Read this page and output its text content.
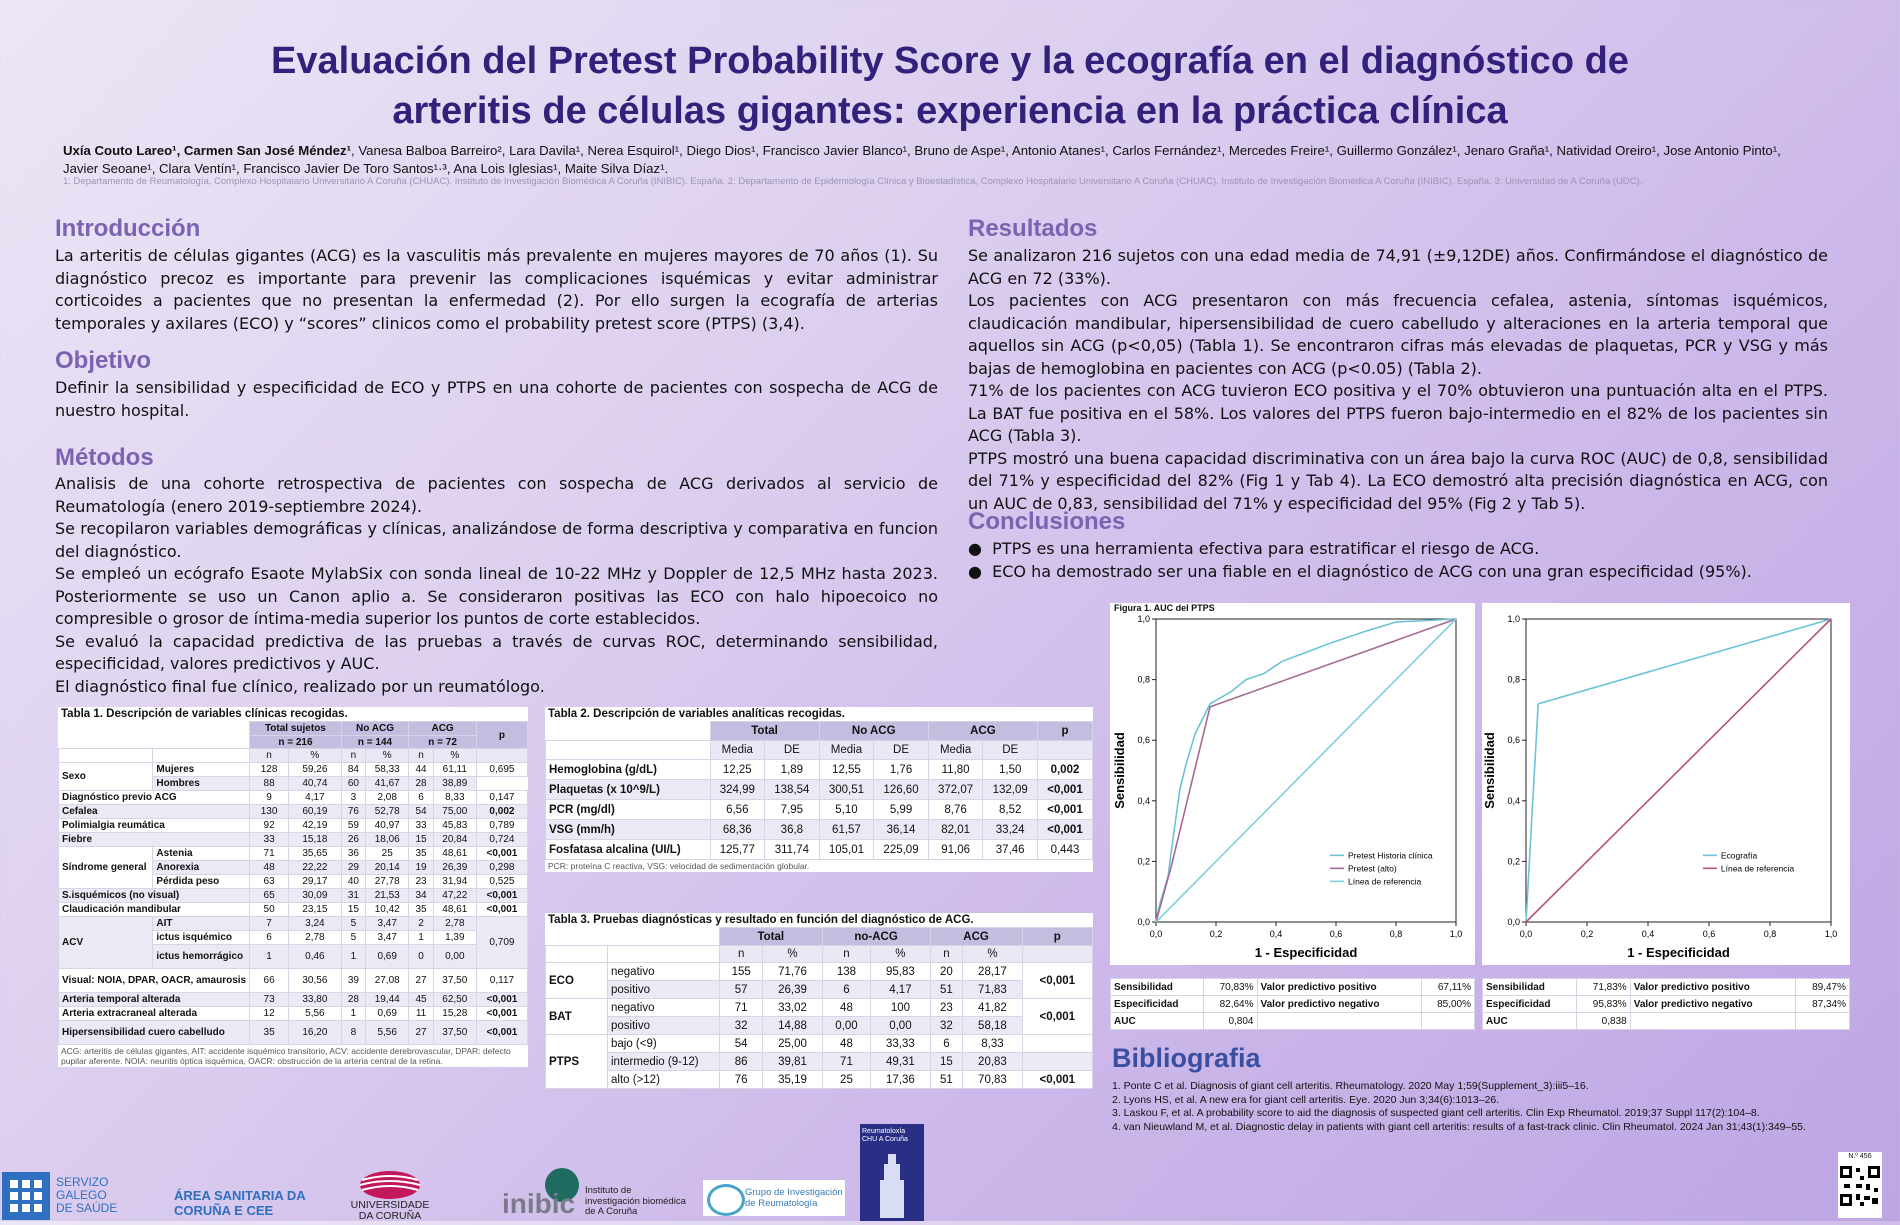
Evaluación del Pretest Probability Score y la ecografía en el diagnóstico de
arteritis de células gigantes: experiencia en la práctica clínica
Uxía Couto Lareo¹, Carmen San José Méndez¹, Vanesa Balboa Barreiro², Lara Davila¹, Nerea Esquirol¹, Diego Dios¹, Francisco Javier Blanco¹, Bruno de Aspe¹, Antonio Atanes¹, Carlos Fernández¹, Mercedes Freire¹, Guillermo González¹, Jenaro Graña¹, Natividad Oreiro¹, Jose Antonio Pinto¹, Javier Seoane¹, Clara Ventín¹, Francisco Javier De Toro Santos¹·³, Ana Lois Iglesias¹, Maite Silva Díaz¹.
1: Departamento de Reumatología, Complexo Hospitalario Universitario A Coruña (CHUAC). Instituto de Investigación Biomédica A Coruña (INIBIC). España. 2: Departamento de Epidemiología Clínica y Bioestadística, Complexo Hospitalario Universitario A Coruña (CHUAC). Instituto de Investigación Biomédica A Coruña (INIBIC). España. 3: Universidad de A Coruña (UDC).
Introducción
La arteritis de células gigantes (ACG) es la vasculitis más prevalente en mujeres mayores de 70 años (1). Su diagnóstico precoz es importante para prevenir las complicaciones isquémicas y evitar administrar corticoides a pacientes que no presentan la enfermedad (2). Por ello surgen la ecografía de arterias temporales y axilares (ECO) y “scores” clinicos como el probability pretest score (PTPS) (3,4).
Objetivo
Definir la sensibilidad y especificidad de ECO y PTPS en una cohorte de pacientes con sospecha de ACG de nuestro hospital.
Métodos

Analisis de una cohorte retrospectiva de pacientes con sospecha de ACG derivados al servicio de Reumatología (enero 2019-septiembre 2024).

Se recopilaron variables demográficas y clínicas, analizándose de forma descriptiva y comparativa en funcion del diagnóstico.

Se empleó un ecógrafo Esaote MylabSix con sonda lineal de 10-22 MHz y Doppler de 12,5 MHz hasta 2023. Posteriormente se uso un Canon aplio a. Se consideraron positivas las ECO con halo hipoecoico no compresible o grosor de íntima-media superior los puntos de corte establecidos.

Se evaluó la capacidad predictiva de las pruebas a través de curvas ROC, determinando sensibilidad, especificidad, valores predictivos y AUC.

El diagnóstico final fue clínico, realizado por un reumatólogo.

Resultados

Se analizaron 216 sujetos con una edad media de 74,91 (±9,12DE) años. Confirmándose el diagnóstico de ACG en 72 (33%).

Los pacientes con ACG presentaron con más frecuencia cefalea, astenia, síntomas isquémicos, claudicación mandibular, hipersensibilidad de cuero cabelludo y alteraciones en la arteria temporal que aquellos sin ACG (p<0,05) (Tabla 1). Se encontraron cifras más elevadas de plaquetas, PCR y VSG y más bajas de hemoglobina en pacientes con ACG (p<0.05) (Tabla 2).

71% de los pacientes con ACG tuvieron ECO positiva y el 70% obtuvieron una puntuación alta en el PTPS. La BAT fue positiva en el 58%. Los valores del PTPS fueron bajo-intermedio en el 82% de los pacientes sin ACG (Tabla 3).

PTPS mostró una buena capacidad discriminativa con un área bajo la curva ROC (AUC) de 0,8, sensibilidad del 71% y especificidad del 82% (Fig 1 y Tab 4). La ECO demostró alta precisión diagnóstica en ACG, con un AUC de 0,83, sensibilidad del 71% y especificidad del 95% (Fig 2 y Tab 5).

Conclusiones

●  PTPS es una herramienta efectiva para estratificar el riesgo de ACG.

●  ECO ha demostrado ser una fiable en el diagnóstico de ACG con una gran especificidad (95%).

Tabla 1. Descripción de variables clínicas recogidas.
		Total sujetos		No ACG		ACG		p
		n = 216		n = 144		n = 72		
		n	%	n	%	n	%	
Sexo	Mujeres	128	59,26	84	58,33	44	61,11	0,695
	Hombres	88	40,74	60	41,67	28	38,89	
Diagnóstico previo ACG		9	4,17	3	2,08	6	8,33	0,147
Cefalea		130	60,19	76	52,78	54	75,00	0,002
Polimialgia reumática		92	42,19	59	40,97	33	45,83	0,789
Fiebre		33	15,18	26	18,06	15	20,84	0,724
Síndrome general	Astenia	71	35,65	36	25	35	48,61	<0,001
	Anorexia	48	22,22	29	20,14	19	26,39	0,298
	Pérdida peso	63	29,17	40	27,78	23	31,94	0,525
S.isquémicos (no visual)		65	30,09	31	21,53	34	47,22	<0,001
Claudicación mandibular		50	23,15	15	10,42	35	48,61	<0,001
ACV	AIT	7	3,24	5	3,47	2	2,78	0,709
	ictus isquémico	6	2,78	5	3,47	1	1,39	
	ictus hemorrágico	1	0,46	1	0,69	0	0,00	
Visual: NOIA, DPAR, OACR, amaurosis		66	30,56	39	27,08	27	37,50	0,117
Arteria temporal alterada		73	33,80	28	19,44	45	62,50	<0,001
Arteria extracraneal alterada		12	5,56	1	0,69	11	15,28	<0,001
Hipersensibilidad cuero cabelludo		35	16,20	8	5,56	27	37,50	<0,001
ACG: arteritis de células gigantes, AIT: accidente isquémico transitorio, ACV: accidente derebrovascular, DPAR: defecto pupilar aferente. NOIA: neuritis óptica isquémica, OACR: obstrucción de la arteria central de la retina.
Tabla 2. Descripción de variables analíticas recogidas.
	Total		No ACG		ACG		p
	Media	DE	Media	DE	Media	DE	
Hemoglobina (g/dL)	12,25	1,89	12,55	1,76	11,80	1,50	0,002
Plaquetas (x 10^9/L)	324,99	138,54	300,51	126,60	372,07	132,09	<0,001
PCR (mg/dl)	6,56	7,95	5,10	5,99	8,76	8,52	<0,001
VSG (mm/h)	68,36	36,8	61,57	36,14	82,01	33,24	<0,001
Fosfatasa alcalina (UI/L)	125,77	311,74	105,01	225,09	91,06	37,46	0,443
PCR: proteína C reactiva, VSG: velocidad de sedimentación globular.
Tabla 3. Pruebas diagnósticas y resultado en función del diagnóstico de ACG.
		Total		no-ACG		ACG		p
		n	%	n	%	n	%	
ECO	negativo	155	71,76	138	95,83	20	28,17	<0,001
	positivo	57	26,39	6	4,17	51	71,83	
BAT	negativo	71	33,02	48	100	23	41,82	<0,001
	positivo	32	14,88	0,00	0,00	32	58,18	
PTPS	bajo (<9)	54	25,00	48	33,33	6	8,33	
	intermedio (9-12)	86	39,81	71	49,31	15	20,83	
	alto (>12)	76	35,19	25	17,36	51	70,83	<0,001
Figura 1. AUC del PTPS
0,0
0,0
0,2
0,2
0,4
0,4
0,6
0,6
0,8
0,8
1,0
1,0
1 - Especificidad
Sensibilidad
Pretest Historia clínica
Pretest (alto)
Línea de referencia
0,0
0,0
0,2
0,2
0,4
0,4
0,6
0,6
0,8
0,8
1,0
1,0
1 - Especificidad
Sensibilidad
Ecografía
Línea de referencia
Sensibilidad	70,83%	Valor predictivo positivo	67,11%
Especificidad	82,64%	Valor predictivo negativo	85,00%
AUC	0,804		
Sensibilidad	71,83%	Valor predictivo positivo	89,47%
Especificidad	95,83%	Valor predictivo negativo	87,34%
AUC	0,838		
Bibliografia
1. Ponte C et al. Diagnosis of giant cell arteritis. Rheumatology. 2020 May 1;59(Supplement_3):iii5–16.
2. Lyons HS, et al. A new era for giant cell arteritis. Eye. 2020 Jun 3;34(6):1013–26.
3. Laskou F, et al. A probability score to aid the diagnosis of suspected giant cell arteritis. Clin Exp Rheumatol. 2019;37 Suppl 117(2):104–8.
4. van Nieuwland M, et al. Diagnostic delay in patients with giant cell arteritis: results of a fast-track clinic. Clin Rheumatol. 2024 Jan 31;43(1):349–55.
SERVIZO
GALEGO
DE SAÚDE
ÁREA SANITARIA DA
CORUÑA E CEE	UNIVERSIDADE
DA CORUÑA	inibic Instituto de
investigación biomédica
de A Coruña
Grupo de Investigación
de Reumatología
Reumatoloxía
CHU A Coruña
N.º 456
